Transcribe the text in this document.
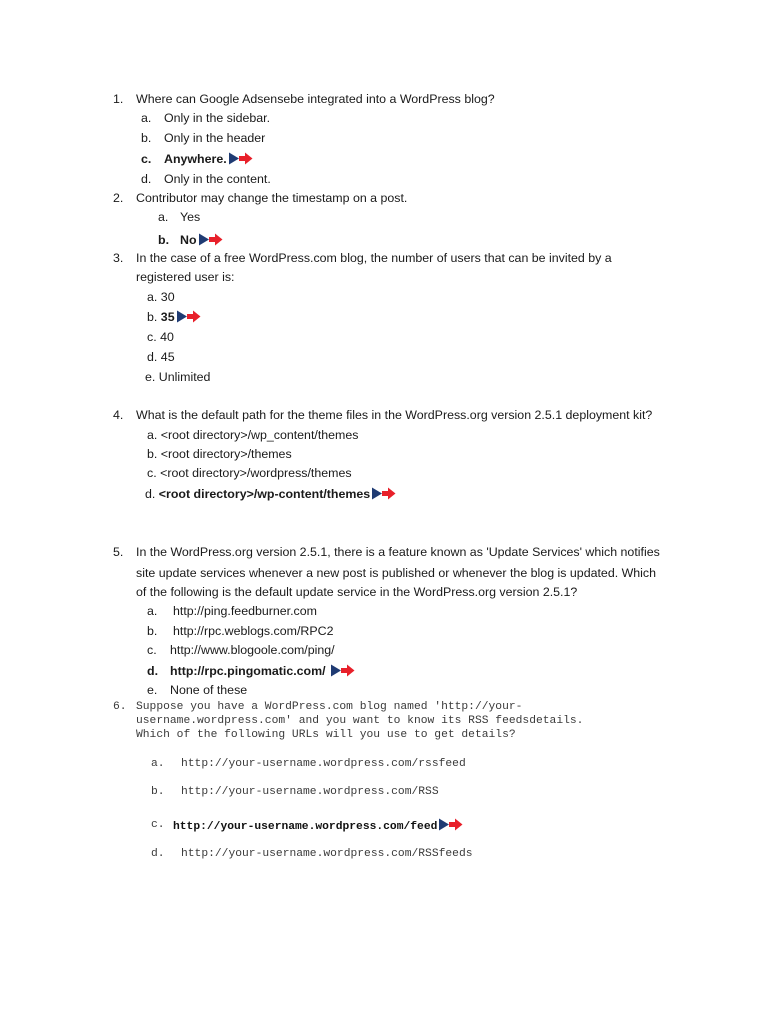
1. Where can Google Adsensebe integrated into a WordPress blog?
a. Only in the sidebar.
b. Only in the header
c. Anywhere.
d. Only in the content.
2. Contributor may change the timestamp on a post.
a. Yes
b. No
3. In the case of a free WordPress.com blog, the number of users that can be invited by a
registered user is:
a. 30
b. 35
c. 40
d. 45
e. Unlimited
4. What is the default path for the theme files in the WordPress.org version 2.5.1 deployment kit?
a. <root directory>/wp_content/themes
b. <root directory>/themes
c. <root directory>/wordpress/themes
d. <root directory>/wp-content/themes
5. In the WordPress.org version 2.5.1, there is a feature known as 'Update Services' which notifies
site update services whenever a new post is published or whenever the blog is updated. Which
of the following is the default update service in the WordPress.org version 2.5.1?
a. http://ping.feedburner.com
b. http://rpc.weblogs.com/RPC2
c. http://www.blogoole.com/ping/
d. http://rpc.pingomatic.com/
e. None of these
6. Suppose you have a WordPress.com blog named 'http://your-
username.wordpress.com' and you want to know its RSS feedsdetails.
Which of the following URLs will you use to get details?
a. http://your-username.wordpress.com/rssfeed
b. http://your-username.wordpress.com/RSS
c. http://your-username.wordpress.com/feed
d. http://your-username.wordpress.com/RSSfeeds
